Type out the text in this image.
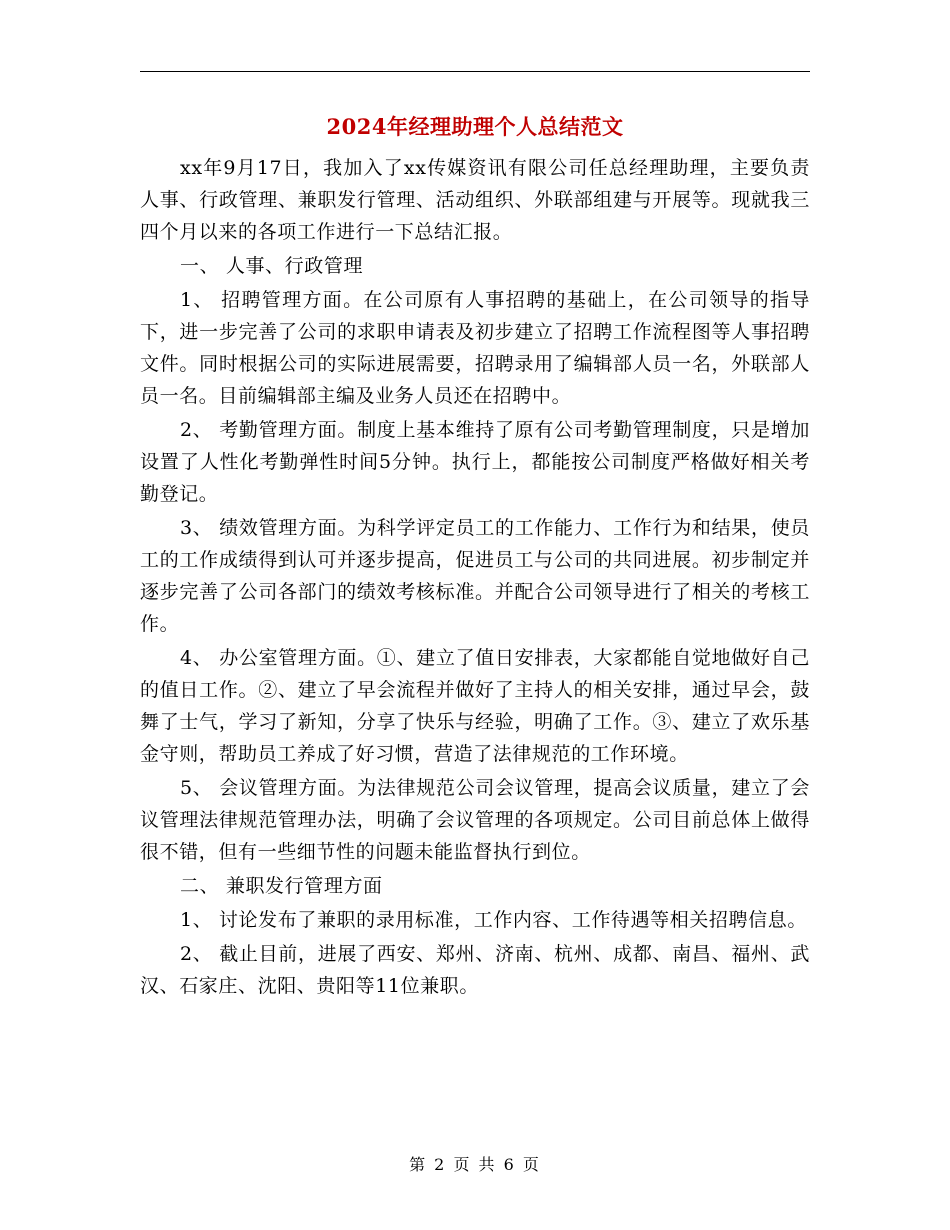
2024年经理助理个人总结范文

xx年9月17日，我加入了xx传媒资讯有限公司任总经理助理，主要负责人事、行政管理、兼职发行管理、活动组织、外联部组建与开展等。现就我三四个月以来的各项工作进行一下总结汇报。

一、 人事、行政管理

1、 招聘管理方面。在公司原有人事招聘的基础上，在公司领导的指导下，进一步完善了公司的求职申请表及初步建立了招聘工作流程图等人事招聘文件。同时根据公司的实际进展需要，招聘录用了编辑部人员一名，外联部人员一名。目前编辑部主编及业务人员还在招聘中。

2、 考勤管理方面。制度上基本维持了原有公司考勤管理制度，只是增加设置了人性化考勤弹性时间5分钟。执行上，都能按公司制度严格做好相关考勤登记。

3、 绩效管理方面。为科学评定员工的工作能力、工作行为和结果，使员工的工作成绩得到认可并逐步提高，促进员工与公司的共同进展。初步制定并逐步完善了公司各部门的绩效考核标准。并配合公司领导进行了相关的考核工作。

4、 办公室管理方面。①、建立了值日安排表，大家都能自觉地做好自己的值日工作。②、建立了早会流程并做好了主持人的相关安排，通过早会，鼓舞了士气，学习了新知，分享了快乐与经验，明确了工作。③、建立了欢乐基金守则，帮助员工养成了好习惯，营造了法律规范的工作环境。

5、 会议管理方面。为法律规范公司会议管理，提高会议质量，建立了会议管理法律规范管理办法，明确了会议管理的各项规定。公司目前总体上做得很不错，但有一些细节性的问题未能监督执行到位。

二、 兼职发行管理方面

1、 讨论发布了兼职的录用标准，工作内容、工作待遇等相关招聘信息。

2、 截止目前，进展了西安、郑州、济南、杭州、成都、南昌、福州、武汉、石家庄、沈阳、贵阳等11位兼职。

第 2 页 共 6 页
